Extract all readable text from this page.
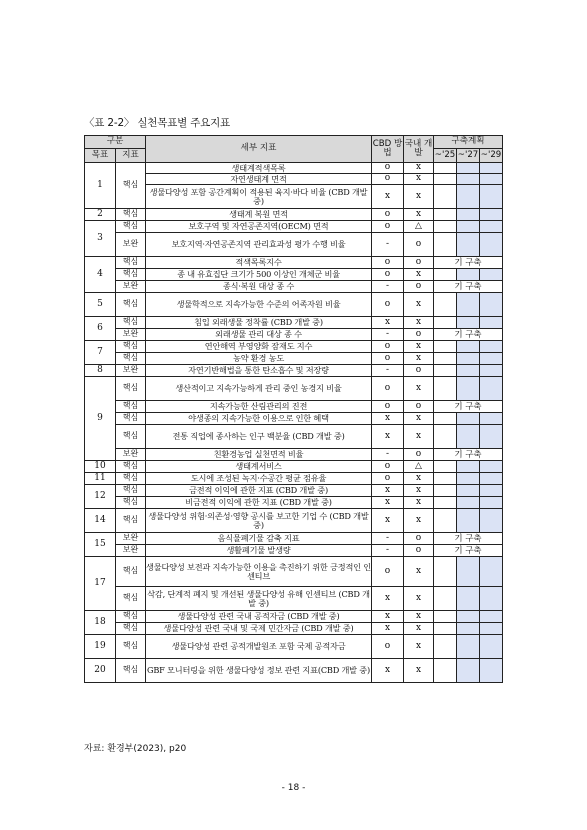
〈표 2-2〉 실천목표별 주요지표
구분		세부 지표	CBD 방법	국내 개발	구축계획		
목표	지표				~'25	~'27	~'29
1	핵심	생태계적색목록	o	x			
		자연생태계 면적	o	x			
		생물다양성 포함 공간계획이 적용된 육지·바다 비율 (CBD 개발 중)	x	x			
2	핵심	생태계 복원 면적	o	x			
3	핵심	보호구역 및 자연공존지역(OECM) 면적	o	△			
	보완	보호지역·자연공존지역 관리효과성 평가 수행 비율	-	o			
4	핵심	적색목록지수	o	o	기 구축		
	핵심	종 내 유효집단 크기가 500 이상인 개체군 비율	o	x			
	보완	종식·복원 대상 종 수	-	o	기 구축		
5	핵심	생물학적으로 지속가능한 수준의 어족자원 비율	o	x			
6	핵심	침입 외래생물 정착률 (CBD 개발 중)	x	x			
	보완	외래생물 관리 대상 종 수	-	o	기 구축		
7	핵심	연안해역 부영양화 잠재도 지수	o	x			
	핵심	농약 환경 농도	o	x			
8	보완	자연기반해법을 통한 탄소흡수 및 저장량	-	o			
9	핵심	생산적이고 지속가능하게 관리 중인 농경지 비율	o	x			
	핵심	지속가능한 산림관리의 진전	o	o	기 구축		
	핵심	야생종의 지속가능한 이용으로 인한 혜택	x	x			
	핵심	전통 직업에 종사하는 인구 백분율 (CBD 개발 중)	x	x			
	보완	친환경농업 실천면적 비율	-	o	기 구축		
10	핵심	생태계서비스	o	△			
11	핵심	도시에 조성된 녹지·수공간 평균 점유율	o	x			
12	핵심	금전적 이익에 관한 지표 (CBD 개발 중)	x	x			
	핵심	비금전적 이익에 관한 지표 (CBD 개발 중)	x	x			
14	핵심	생물다양성 위험·의존성·영향 공시를 보고한 기업 수 (CBD 개발 중)	x	x			
15	보완	음식물폐기물 감축 지표	-	o	기 구축		
	보완	생활폐기물 발생량	-	o	기 구축		
17	핵심	생물다양성 보전과 지속가능한 이용을 촉진하기 위한 긍정적인 인센티브	o	x			
	핵심	삭감, 단계적 폐지 및 개선된 생물다양성 유해 인센티브 (CBD 개발 중)	x	x			
18	핵심	생물다양성 관련 국내 공적자금 (CBD 개발 중)	x	x			
	핵심	생물다양성 관련 국내 및 국제 민간자금 (CBD 개발 중)	x	x			
19	핵심	생물다양성 관련 공적개발원조 포함 국제 공적자금	o	x			
20	핵심	GBF 모니터링을 위한 생물다양성 정보 관련 지표(CBD 개발 중)	x	x			
자료: 환경부(2023), p20
- 18 -
